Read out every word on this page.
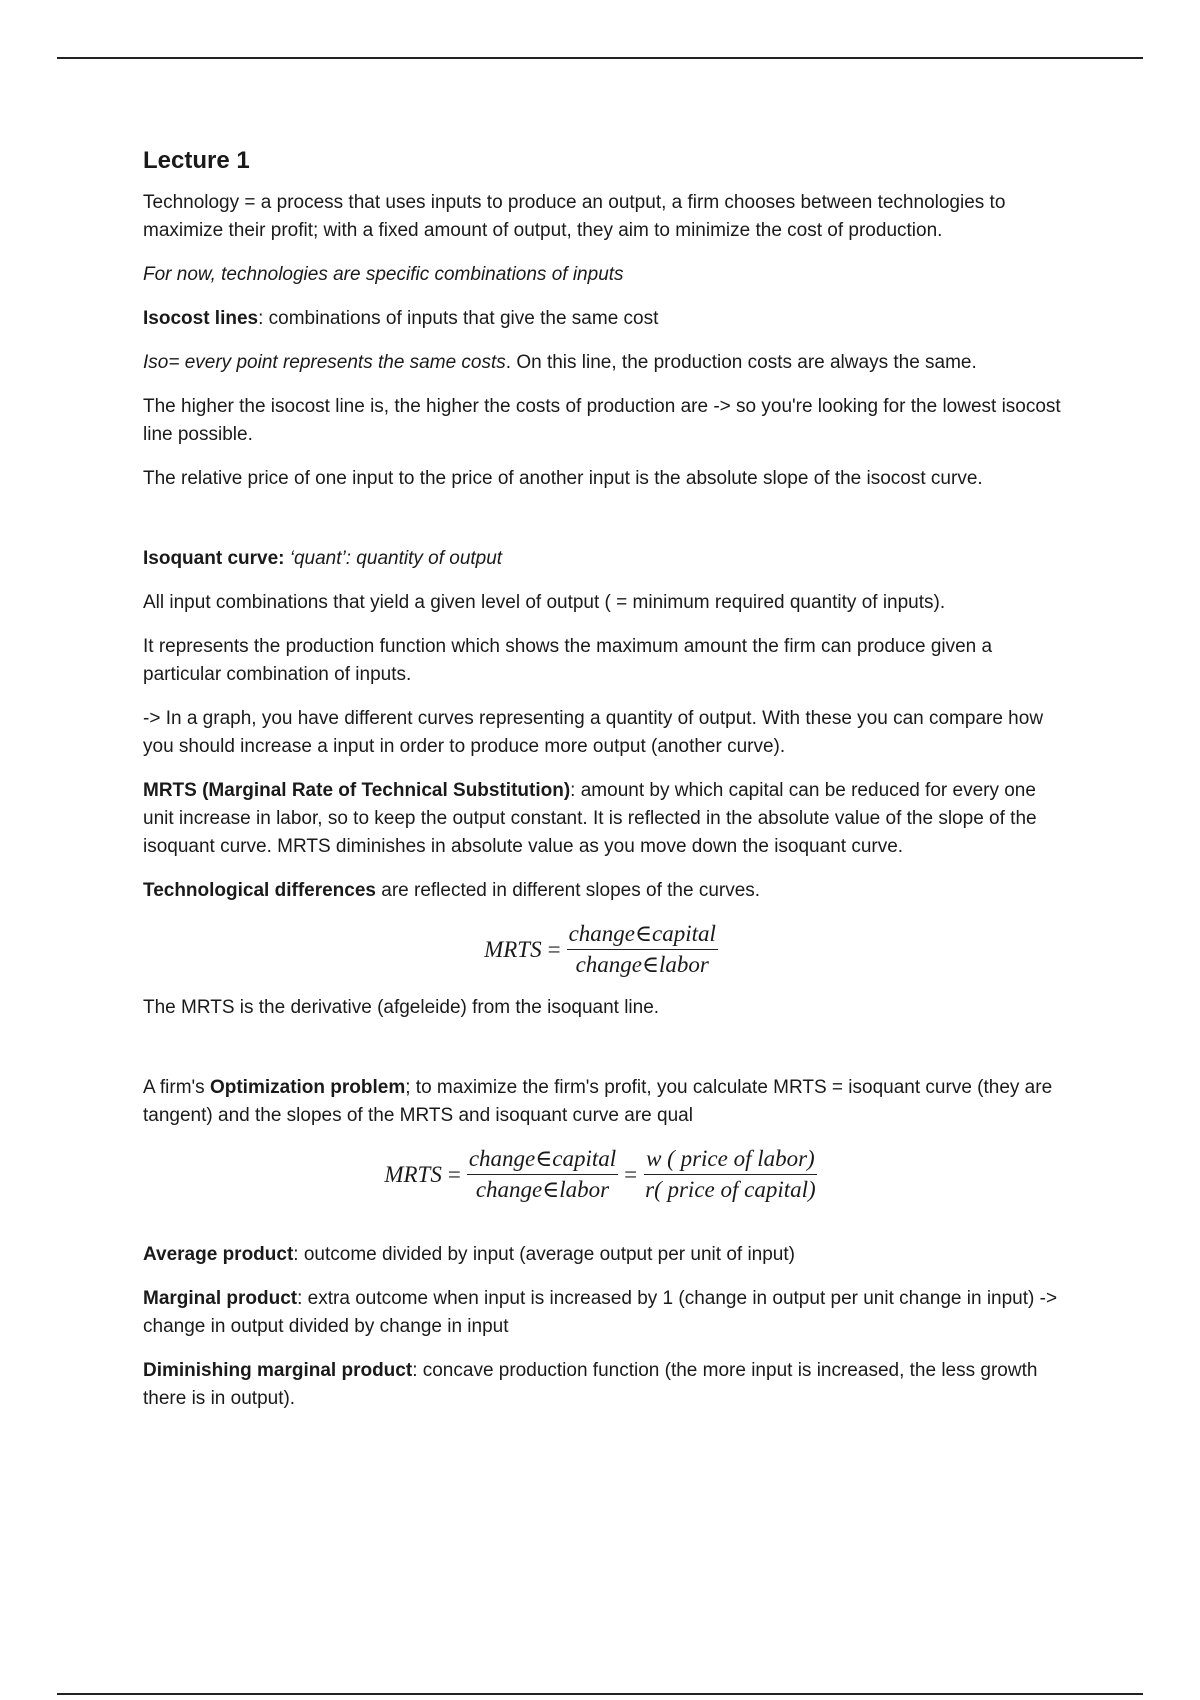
Lecture 1

Technology = a process that uses inputs to produce an output, a firm chooses between technologies to maximize their profit; with a fixed amount of output, they aim to minimize the cost of production.

For now, technologies are specific combinations of inputs

Isocost lines: combinations of inputs that give the same cost

Iso= every point represents the same costs. On this line, the production costs are always the same.

The higher the isocost line is, the higher the costs of production are -> so you're looking for the lowest isocost line possible.

The relative price of one input to the price of another input is the absolute slope of the isocost curve.

Isoquant curve: ‘quant’: quantity of output

All input combinations that yield a given level of output ( = minimum required quantity of inputs).

It represents the production function which shows the maximum amount the firm can produce given a particular combination of inputs.

-> In a graph, you have different curves representing a quantity of output. With these you can compare how you should increase a input in order to produce more output (another curve).

MRTS (Marginal Rate of Technical Substitution): amount by which capital can be reduced for every one unit increase in labor, so to keep the output constant. It is reflected in the absolute value of the slope of the isoquant curve. MRTS diminishes in absolute value as you move down the isoquant curve.

Technological differences are reflected in different slopes of the curves.

MRTS = $\frac{\text{change∈capital}}{\text{change∈labor}}$

The MRTS is the derivative (afgeleide) from the isoquant line.

A firm's Optimization problem; to maximize the firm's profit, you calculate MRTS = isoquant curve (they are tangent) and the slopes of the MRTS and isoquant curve are qual

MRTS = $\frac{\text{change∈capital}}{\text{change∈labor}} = \frac{\text{w ( price of labor)}}{\text{r( price of capital)}}$

Average product: outcome divided by input (average output per unit of input)

Marginal product: extra outcome when input is increased by 1 (change in output per unit change in input) -> change in output divided by change in input

Diminishing marginal product: concave production function (the more input is increased, the less growth there is in output).
